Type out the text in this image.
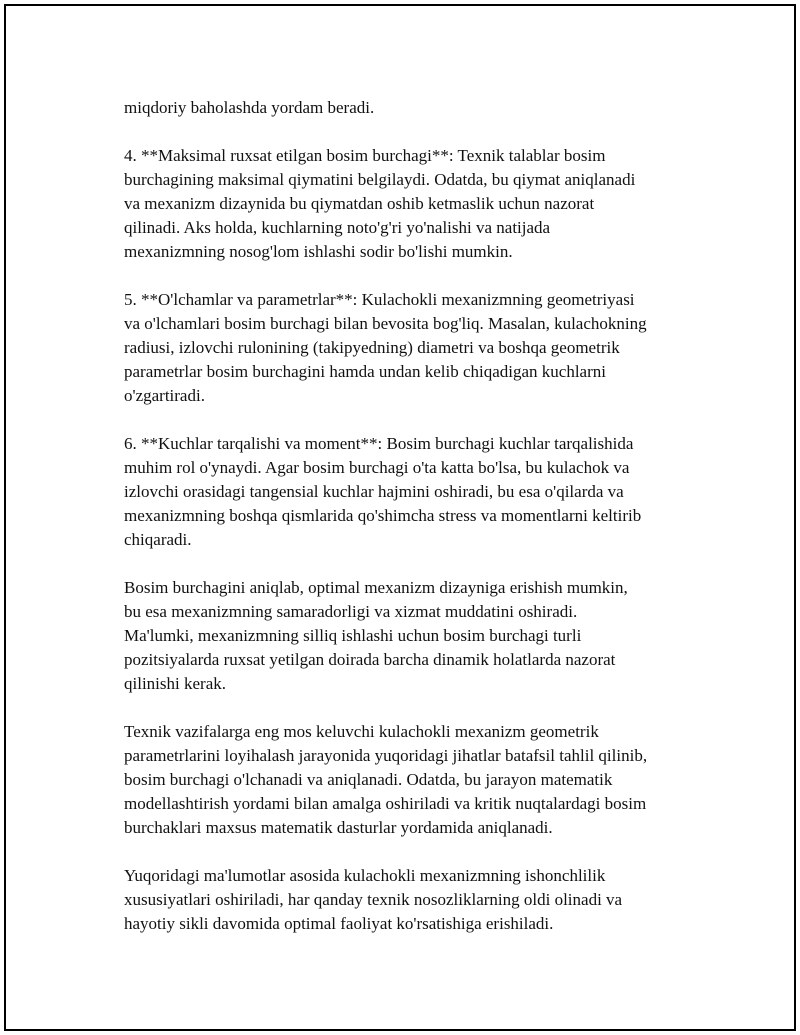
miqdoriy baholashda yordam beradi.

4. **Maksimal ruxsat etilgan bosim burchagi**: Texnik talablar bosim
burchagining maksimal qiymatini belgilaydi. Odatda, bu qiymat aniqlanadi
va mexanizm dizaynida bu qiymatdan oshib ketmaslik uchun nazorat
qilinadi. Aks holda, kuchlarning noto'g'ri yo'nalishi va natijada
mexanizmning nosog'lom ishlashi sodir bo'lishi mumkin.

5. **O'lchamlar va parametrlar**: Kulachokli mexanizmning geometriyasi
va o'lchamlari bosim burchagi bilan bevosita bog'liq. Masalan, kulachokning
radiusi, izlovchi rulonining (takipyedning) diametri va boshqa geometrik
parametrlar bosim burchagini hamda undan kelib chiqadigan kuchlarni
o'zgartiradi.

6. **Kuchlar tarqalishi va moment**: Bosim burchagi kuchlar tarqalishida
muhim rol o'ynaydi. Agar bosim burchagi o'ta katta bo'lsa, bu kulachok va
izlovchi orasidagi tangensial kuchlar hajmini oshiradi, bu esa o'qilarda va
mexanizmning boshqa qismlarida qo'shimcha stress va momentlarni keltirib
chiqaradi.

Bosim burchagini aniqlab, optimal mexanizm dizayniga erishish mumkin,
bu esa mexanizmning samaradorligi va xizmat muddatini oshiradi.
Ma'lumki, mexanizmning silliq ishlashi uchun bosim burchagi turli
pozitsiyalarda ruxsat yetilgan doirada barcha dinamik holatlarda nazorat
qilinishi kerak.

Texnik vazifalarga eng mos keluvchi kulachokli mexanizm geometrik
parametrlarini loyihalash jarayonida yuqoridagi jihatlar batafsil tahlil qilinib,
bosim burchagi o'lchanadi va aniqlanadi. Odatda, bu jarayon matematik
modellashtirish yordami bilan amalga oshiriladi va kritik nuqtalardagi bosim
burchaklari maxsus matematik dasturlar yordamida aniqlanadi.

Yuqoridagi ma'lumotlar asosida kulachokli mexanizmning ishonchlilik
xususiyatlari oshiriladi, har qanday texnik nosozliklarning oldi olinadi va
hayotiy sikli davomida optimal faoliyat ko'rsatishiga erishiladi.
